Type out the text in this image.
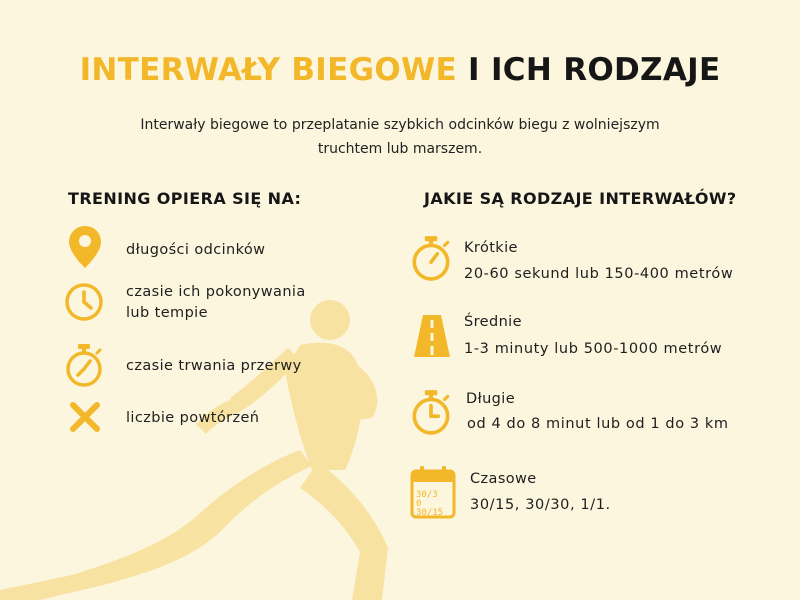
INTERWAŁY BIEGOWE I ICH RODZAJE
Interwały biegowe to przeplatanie szybkich odcinków biegu z wolniejszym
truchtem lub marszem.
TRENING OPIERA SIĘ NA:
długości odcinków
czasie ich pokonywania
lub tempie
czasie trwania przerwy
liczbie powtórzeń
JAKIE SĄ RODZAJE INTERWAŁÓW?
Krótkie
20-60 sekund lub 150-400 metrów
Średnie
1-3 minuty lub 500-1000 metrów
Długie
od 4 do 8 minut lub od 1 do 3 km
30/3
0
30/15
Czasowe
30/15, 30/30, 1/1.
